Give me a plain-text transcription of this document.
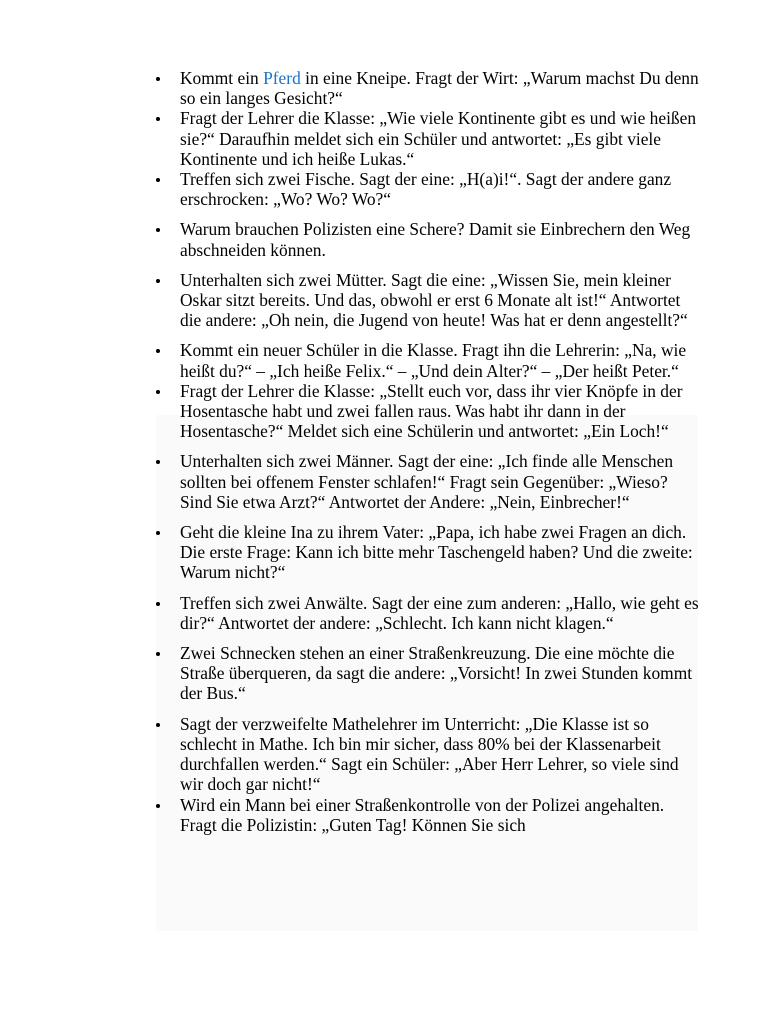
Kommt ein Pferd in eine Kneipe. Fragt der Wirt: „Warum machst Du denn so ein langes Gesicht?“
Fragt der Lehrer die Klasse: „Wie viele Kontinente gibt es und wie heißen sie?“ Daraufhin meldet sich ein Schüler und antwortet: „Es gibt viele Kontinente und ich heiße Lukas.“
Treffen sich zwei Fische. Sagt der eine: „H(a)i!“. Sagt der andere ganz erschrocken: „Wo? Wo? Wo?“
Warum brauchen Polizisten eine Schere? Damit sie Einbrechern den Weg abschneiden können.
Unterhalten sich zwei Mütter. Sagt die eine: „Wissen Sie, mein kleiner Oskar sitzt bereits. Und das, obwohl er erst 6 Monate alt ist!“ Antwortet die andere: „Oh nein, die Jugend von heute! Was hat er denn angestellt?“
Kommt ein neuer Schüler in die Klasse. Fragt ihn die Lehrerin: „Na, wie heißt du?“ – „Ich heiße Felix.“ – „Und dein Alter?“ – „Der heißt Peter.“
Fragt der Lehrer die Klasse: „Stellt euch vor, dass ihr vier Knöpfe in der Hosentasche habt und zwei fallen raus. Was habt ihr dann in der Hosentasche?“ Meldet sich eine Schülerin und antwortet: „Ein Loch!“
Unterhalten sich zwei Männer. Sagt der eine: „Ich finde alle Menschen sollten bei offenem Fenster schlafen!“ Fragt sein Gegenüber: „Wieso? Sind Sie etwa Arzt?“ Antwortet der Andere: „Nein, Einbrecher!“
Geht die kleine Ina zu ihrem Vater: „Papa, ich habe zwei Fragen an dich. Die erste Frage: Kann ich bitte mehr Taschengeld haben? Und die zweite: Warum nicht?“
Treffen sich zwei Anwälte. Sagt der eine zum anderen: „Hallo, wie geht es dir?“ Antwortet der andere: „Schlecht. Ich kann nicht klagen.“
Zwei Schnecken stehen an einer Straßenkreuzung. Die eine möchte die Straße überqueren, da sagt die andere: „Vorsicht! In zwei Stunden kommt der Bus.“
Sagt der verzweifelte Mathelehrer im Unterricht: „Die Klasse ist so schlecht in Mathe. Ich bin mir sicher, dass 80% bei der Klassenarbeit durchfallen werden.“ Sagt ein Schüler: „Aber Herr Lehrer, so viele sind wir doch gar nicht!“
Wird ein Mann bei einer Straßenkontrolle von der Polizei angehalten. Fragt die Polizistin: „Guten Tag! Können Sie sich
